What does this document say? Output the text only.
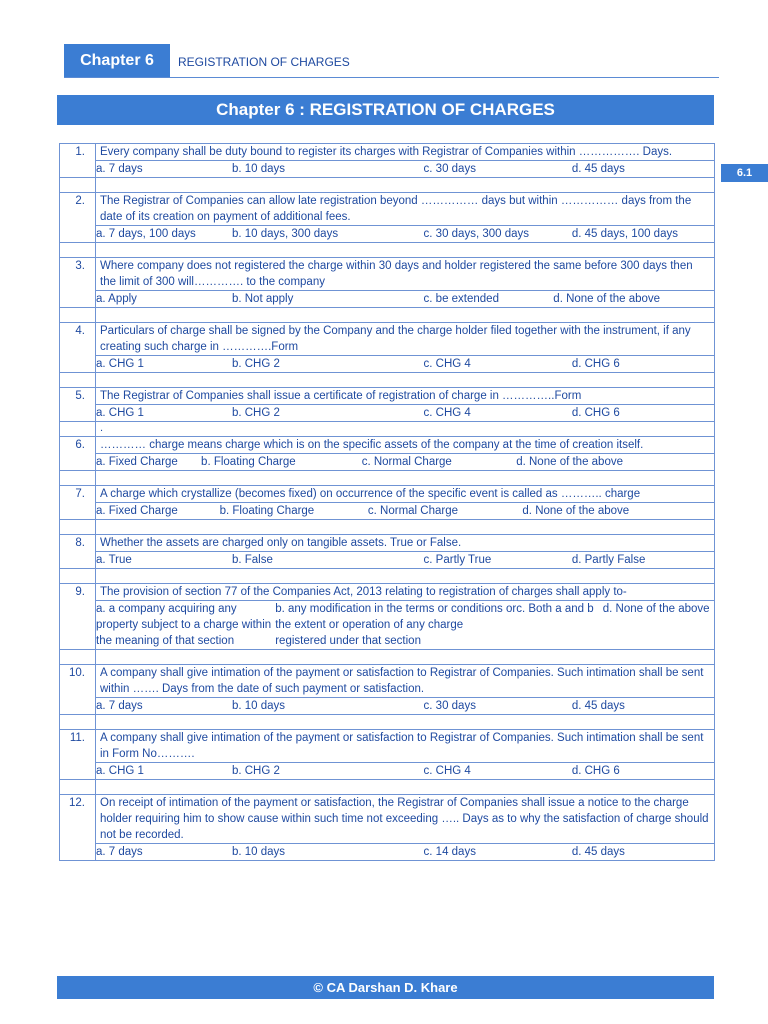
Chapter 6	REGISTRATION OF CHARGES
Chapter 6 : REGISTRATION OF CHARGES
6.1
1.	Every company shall be duty bound to register its charges with Registrar of Companies within ……………. Days.

a. 7 days	b. 10 days	c. 30 days	d. 45 days

2.	The Registrar of Companies can allow late registration beyond …………… days but within …………… days from the date of its creation on payment of additional fees.

a. 7 days, 100 days	b. 10 days, 300 days	c. 30 days, 300 days	d. 45 days, 100 days

3.	Where company does not registered the charge within 30 days and holder registered the same before 300 days then the limit of 300 will…………. to the company

a. Apply	b. Not apply	c. be extended	d. None of the above

4.	Particulars of charge shall be signed by the Company and the charge holder filed together with the instrument, if any creating such charge in ………….Form

a. CHG 1	b. CHG 2	c. CHG 4	d. CHG 6

5.	The Registrar of Companies shall issue a certificate of registration of charge in …………..Form

a. CHG 1	b. CHG 2	c. CHG 4	d. CHG 6

	.
6.	………… charge means charge which is on the specific assets of the company at the time of creation itself.

a. Fixed Charge	b. Floating Charge	c. Normal Charge	d. None of the above

7.	A charge which crystallize (becomes fixed) on occurrence of the specific event is called as ……….. charge

a. Fixed Charge	b. Floating Charge	c. Normal Charge	d. None of the above

8.	Whether the assets are charged only on tangible assets. True or False.

a. True	b. False	c. Partly True	d. Partly False

9.	The provision of section 77 of the Companies Act, 2013 relating to registration of charges shall apply to-

a. a company acquiring any property subject to a charge within the meaning of that section	b. any modification in the terms or conditions or the extent or operation of any charge registered under that section	c. Both a and b	d. None of the above

10.	A company shall give intimation of the payment or satisfaction to Registrar of Companies. Such intimation shall be sent within ……. Days from the date of such payment or satisfaction.

a. 7 days	b. 10 days	c. 30 days	d. 45 days

11.	A company shall give intimation of the payment or satisfaction to Registrar of Companies. Such intimation shall be sent in Form No……….

a. CHG 1	b. CHG 2	c. CHG 4	d. CHG 6

12.	On receipt of intimation of the payment or satisfaction, the Registrar of Companies shall issue a notice to the charge holder requiring him to show cause within such time not exceeding ….. Days as to why the satisfaction of charge should not be recorded.

a. 7 days	b. 10 days	c. 14 days	d. 45 days
© CA Darshan D. Khare
